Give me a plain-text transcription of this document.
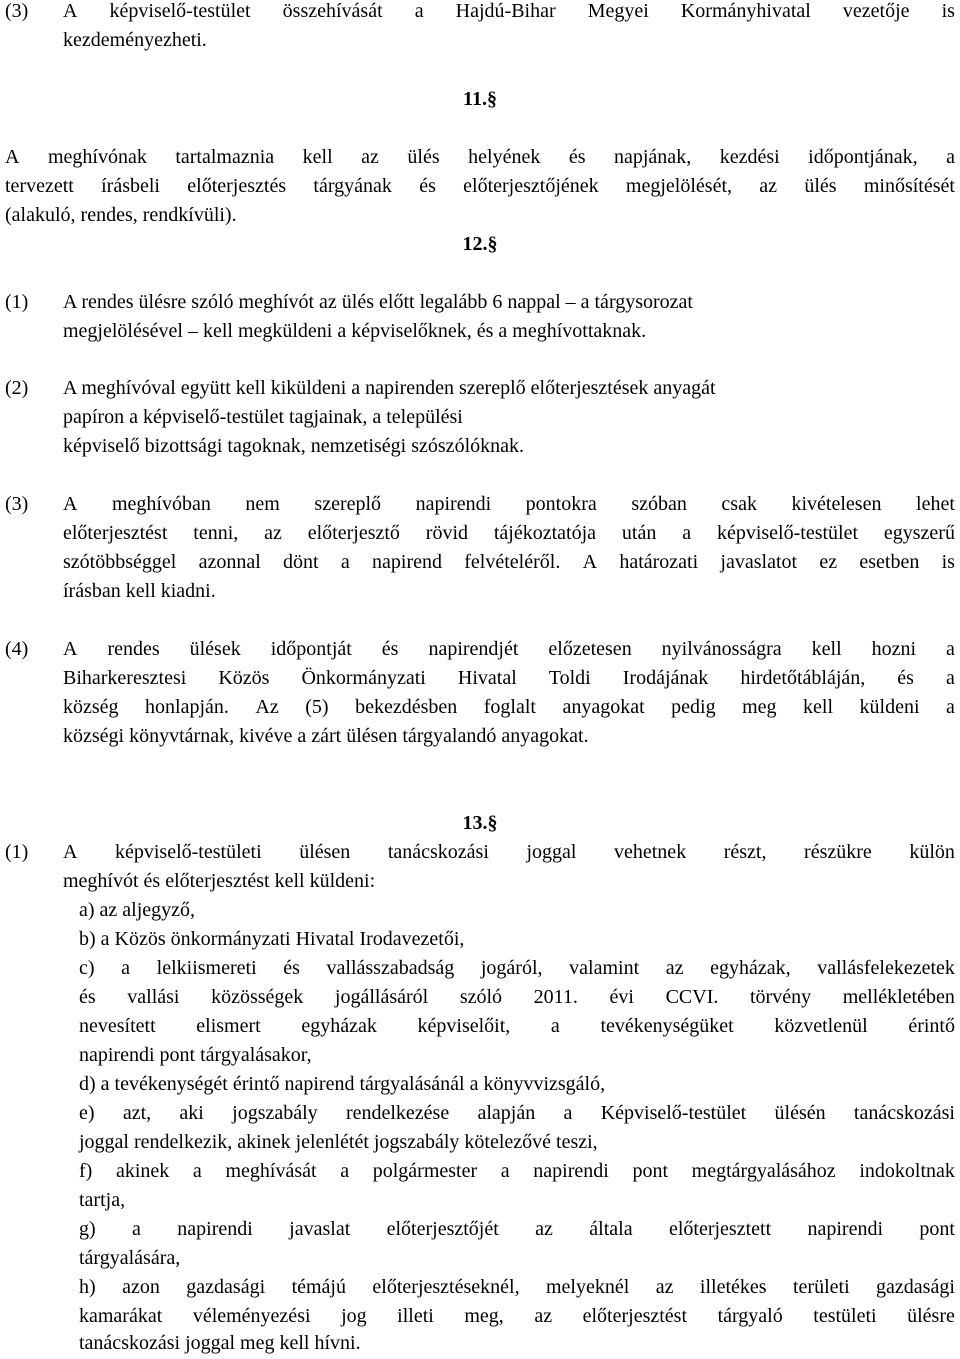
(3) A képviselő-testület összehívását a Hajdú-Bihar Megyei Kormányhivatal vezetője is
kezdeményezheti.
11.§
A meghívónak tartalmaznia kell az ülés helyének és napjának, kezdési időpontjának, a
tervezett írásbeli előterjesztés tárgyának és előterjesztőjének megjelölését, az ülés minősítését
(alakuló, rendes, rendkívüli).
12.§
(1) A rendes ülésre szóló meghívót az ülés előtt legalább 6 nappal – a tárgysorozat
megjelölésével – kell megküldeni a képviselőknek, és a meghívottaknak.
(2) A meghívóval együtt kell kiküldeni a napirenden szereplő előterjesztések anyagát
papíron a képviselő-testület tagjainak, a települési
képviselő bizottsági tagoknak, nemzetiségi szószólóknak.
(3) A meghívóban nem szereplő napirendi pontokra szóban csak kivételesen lehet
előterjesztést tenni, az előterjesztő rövid tájékoztatója után a képviselő-testület egyszerű
szótöbbséggel azonnal dönt a napirend felvételéről. A határozati javaslatot ez esetben is
írásban kell kiadni.
(4) A rendes ülések időpontját és napirendjét előzetesen nyilvánosságra kell hozni a
Biharkeresztesi Közös Önkormányzati Hivatal Toldi Irodájának hirdetőtábláján, és a
község honlapján. Az (5) bekezdésben foglalt anyagokat pedig meg kell küldeni a
községi könyvtárnak, kivéve a zárt ülésen tárgyalandó anyagokat.
13.§
(1) A képviselő-testületi ülésen tanácskozási joggal vehetnek részt, részükre külön
meghívót és előterjesztést kell küldeni:
a) az aljegyző,
b) a Közös önkormányzati Hivatal Irodavezetői,
c) a lelkiismereti és vallásszabadság jogáról, valamint az egyházak, vallásfelekezetek
és vallási közösségek jogállásáról szóló 2011. évi CCVI. törvény mellékletében
nevesített elismert egyházak képviselőit, a tevékenységüket közvetlenül érintő
napirendi pont tárgyalásakor,
d) a tevékenységét érintő napirend tárgyalásánál a könyvvizsgáló,
e) azt, aki jogszabály rendelkezése alapján a Képviselő-testület ülésén tanácskozási
joggal rendelkezik, akinek jelenlétét jogszabály kötelezővé teszi,
f) akinek a meghívását a polgármester a napirendi pont megtárgyalásához indokoltnak
tartja,
g) a napirendi javaslat előterjesztőjét az általa előterjesztett napirendi pont
tárgyalására,
h) azon gazdasági témájú előterjesztéseknél, melyeknél az illetékes területi gazdasági
kamarákat véleményezési jog illeti meg, az előterjesztést tárgyaló testületi ülésre
tanácskozási joggal meg kell hívni.
